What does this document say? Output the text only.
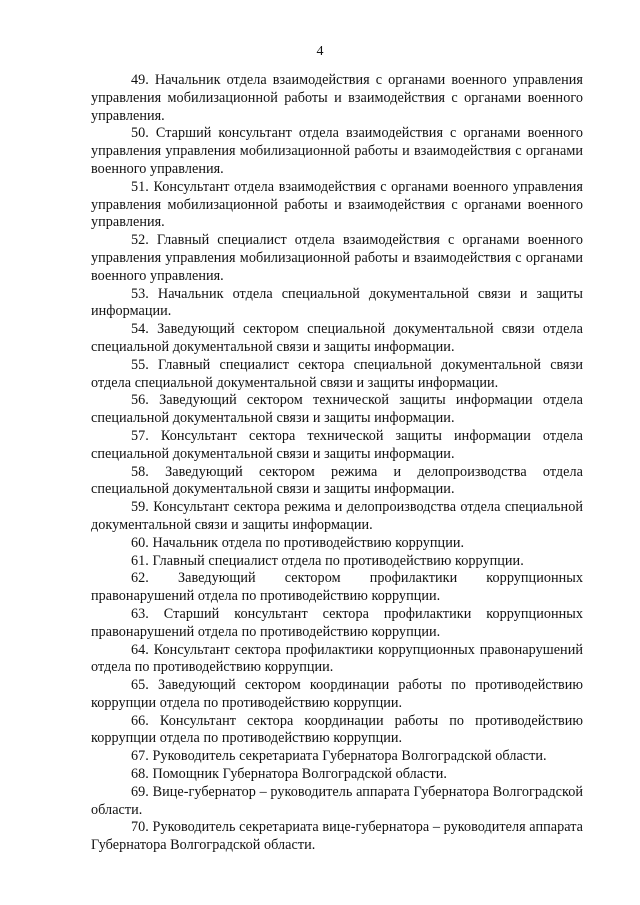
4

49. Начальник отдела взаимодействия с органами военного управления управления мобилизационной работы и взаимодействия с органами военного управления.

50. Старший консультант отдела взаимодействия с органами военного управления управления мобилизационной работы и взаимодействия с органами военного управления.

51. Консультант отдела взаимодействия с органами военного управления управления мобилизационной работы и взаимодействия с органами военного управления.

52. Главный специалист отдела взаимодействия с органами военного управления управления мобилизационной работы и взаимодействия с органами военного управления.

53. Начальник отдела специальной документальной связи и защиты информации.

54. Заведующий сектором специальной документальной связи отдела специальной документальной связи и защиты информации.

55. Главный специалист сектора специальной документальной связи отдела специальной документальной связи и защиты информации.

56. Заведующий сектором технической защиты информации отдела специальной документальной связи и защиты информации.

57. Консультант сектора технической защиты информации отдела специальной документальной связи и защиты информации.

58. Заведующий сектором режима и делопроизводства отдела специальной документальной связи и защиты информации.

59. Консультант сектора режима и делопроизводства отдела специальной документальной связи и защиты информации.

60. Начальник отдела по противодействию коррупции.

61. Главный специалист отдела по противодействию коррупции.

62. Заведующий сектором профилактики коррупционных правонарушений отдела по противодействию коррупции.

63. Старший консультант сектора профилактики коррупционных правонарушений отдела по противодействию коррупции.

64. Консультант сектора профилактики коррупционных правонарушений отдела по противодействию коррупции.

65. Заведующий сектором координации работы по противодействию коррупции отдела по противодействию коррупции.

66. Консультант сектора координации работы по противодействию коррупции отдела по противодействию коррупции.

67. Руководитель секретариата Губернатора Волгоградской области.

68. Помощник Губернатора Волгоградской области.

69. Вице-губернатор – руководитель аппарата Губернатора Волгоградской области.

70. Руководитель секретариата вице-губернатора – руководителя аппарата Губернатора Волгоградской области.
